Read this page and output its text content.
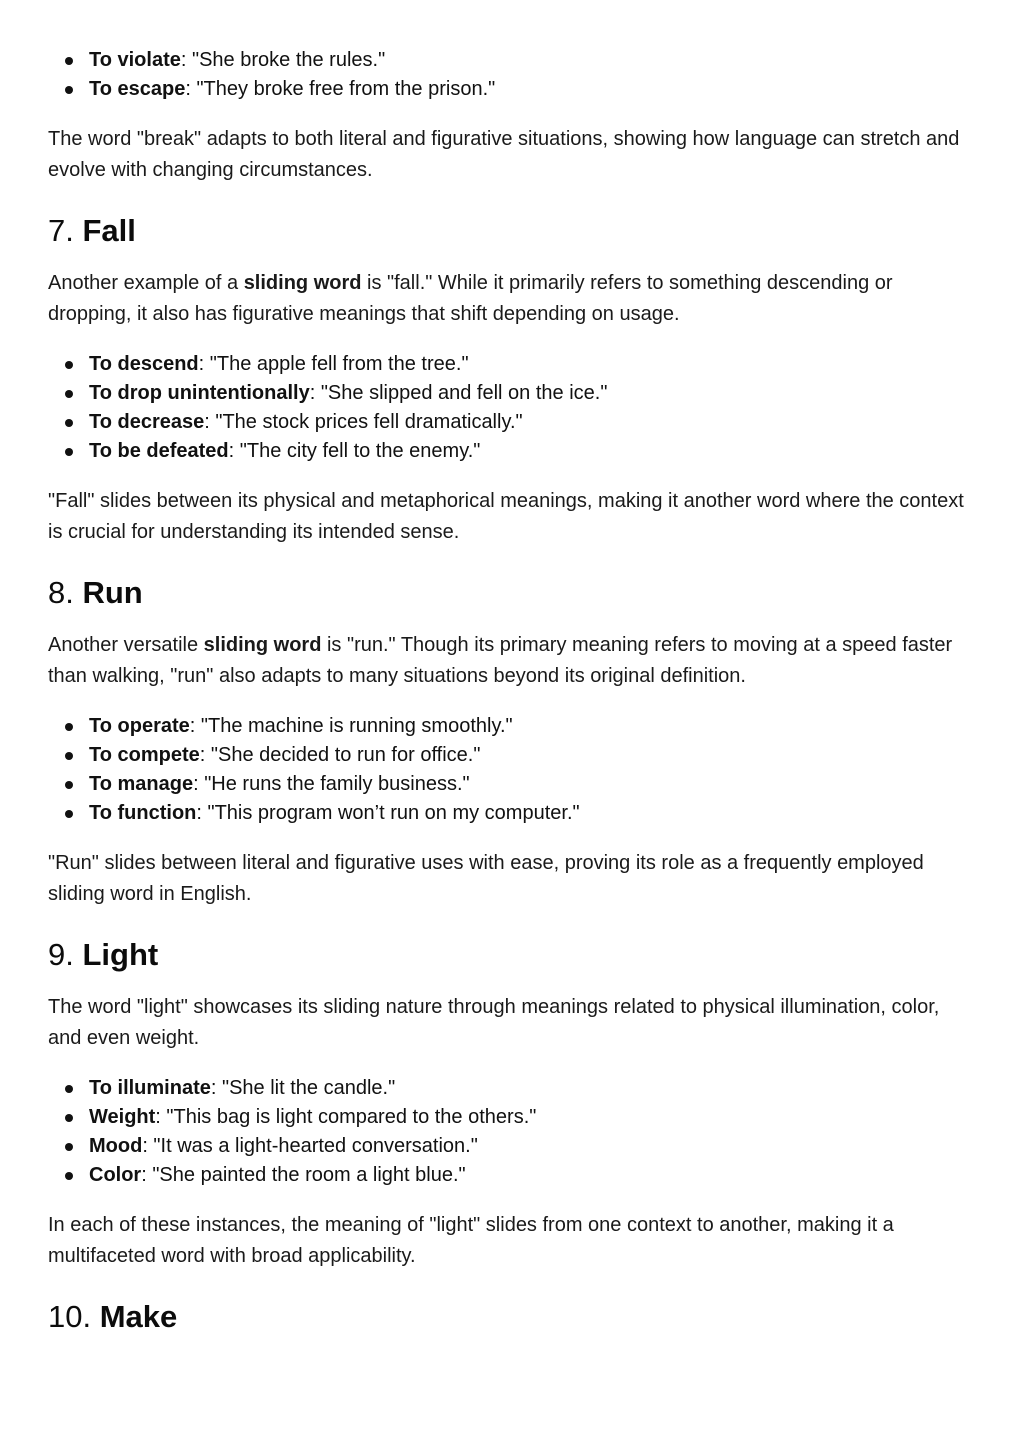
To violate: "She broke the rules."
To escape: "They broke free from the prison."

The word "break" adapts to both literal and figurative situations, showing how language can stretch and evolve with changing circumstances.

7. Fall

Another example of a sliding word is "fall." While it primarily refers to something descending or dropping, it also has figurative meanings that shift depending on usage.

To descend: "The apple fell from the tree."
To drop unintentionally: "She slipped and fell on the ice."
To decrease: "The stock prices fell dramatically."
To be defeated: "The city fell to the enemy."

"Fall" slides between its physical and metaphorical meanings, making it another word where the context is crucial for understanding its intended sense.

8. Run

Another versatile sliding word is "run." Though its primary meaning refers to moving at a speed faster than walking, "run" also adapts to many situations beyond its original definition.

To operate: "The machine is running smoothly."
To compete: "She decided to run for office."
To manage: "He runs the family business."
To function: "This program won’t run on my computer."

"Run" slides between literal and figurative uses with ease, proving its role as a frequently employed sliding word in English.

9. Light

The word "light" showcases its sliding nature through meanings related to physical illumination, color, and even weight.

To illuminate: "She lit the candle."
Weight: "This bag is light compared to the others."
Mood: "It was a light-hearted conversation."
Color: "She painted the room a light blue."

In each of these instances, the meaning of "light" slides from one context to another, making it a multifaceted word with broad applicability.

10. Make
